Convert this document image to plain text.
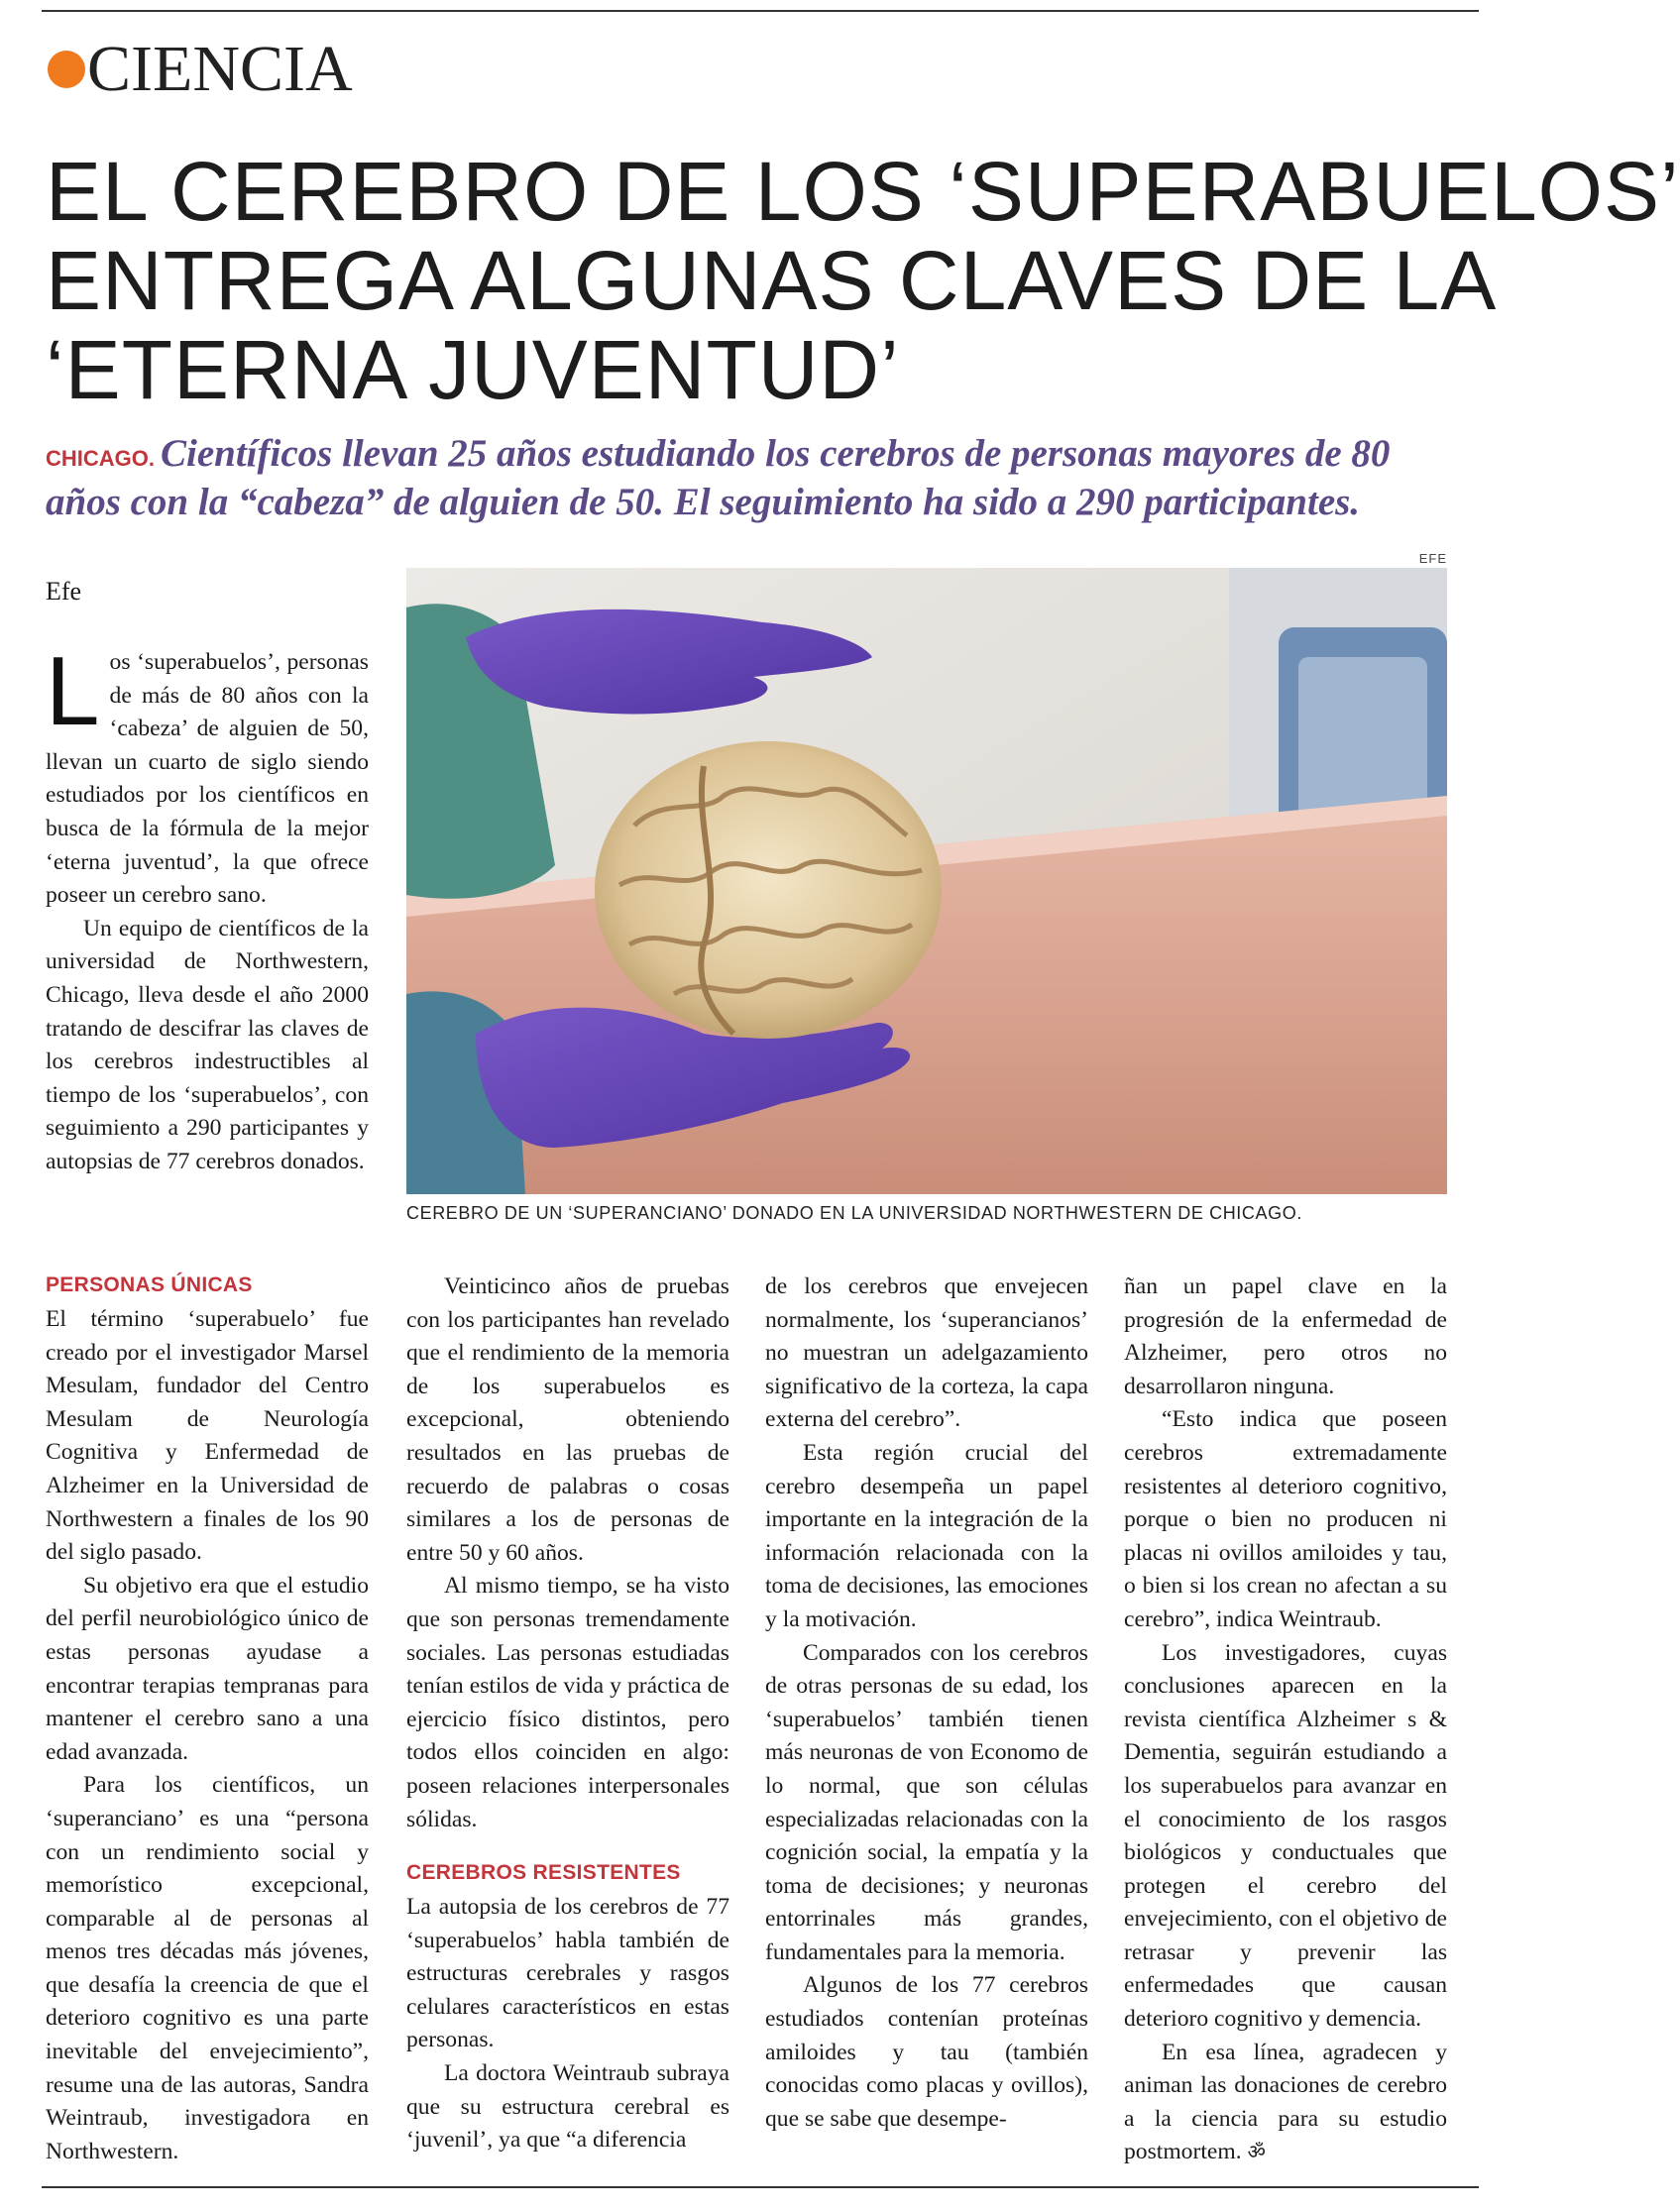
CIENCIA
EL CEREBRO DE LOS ‘SUPERABUELOS’
ENTREGA ALGUNAS CLAVES DE LA
‘ETERNA JUVENTUD’
CHICAGO. Científicos llevan 25 años estudiando los cerebros de personas mayores de 80 años con la “cabeza” de alguien de 50. El seguimiento ha sido a 290 participantes.
EFE
Efe
CEREBRO DE UN ‘SUPERANCIANO’ DONADO EN LA UNIVERSIDAD NORTHWESTERN DE CHICAGO.

Los ‘superabuelos’, personas de más de 80 años con la ‘cabeza’ de alguien de 50, llevan un cuarto de siglo siendo estudiados por los científicos en busca de la fórmula de la mejor ‘eterna juventud’, la que ofrece poseer un cerebro sano.

Un equipo de científicos de la universidad de Northwestern, Chicago, lleva desde el año 2000 tratando de descifrar las claves de los cerebros indestructibles al tiempo de los ‘superabuelos’, con seguimiento a 290 participantes y autopsias de 77 cerebros donados.

PERSONAS ÚNICAS

El término ‘superabuelo’ fue creado por el investigador Marsel Mesulam, fundador del Centro Mesulam de Neurología Cognitiva y Enfermedad de Alzheimer en la Universidad de Northwestern a finales de los 90 del siglo pasado.

Su objetivo era que el estudio del perfil neurobiológico único de estas personas ayudase a encontrar terapias tempranas para mantener el cerebro sano a una edad avanzada.

Para los científicos, un ‘superanciano’ es una “persona con un rendimiento social y memorístico excepcional, comparable al de personas al menos tres décadas más jóvenes, que desafía la creencia de que el deterioro cognitivo es una parte inevitable del envejecimiento”, resume una de las autoras, Sandra Weintraub, investigadora en Northwestern.

Veinticinco años de pruebas con los participantes han revelado que el rendimiento de la memoria de los superabuelos es excepcional, obteniendo resultados en las pruebas de recuerdo de palabras o cosas similares a los de personas de entre 50 y 60 años.

Al mismo tiempo, se ha visto que son personas tremendamente sociales. Las personas estudiadas tenían estilos de vida y práctica de ejercicio físico distintos, pero todos ellos coinciden en algo: poseen relaciones interpersonales sólidas.

CEREBROS RESISTENTES

La autopsia de los cerebros de 77 ‘superabuelos’ habla también de estructuras cerebrales y rasgos celulares característicos en estas personas.

La doctora Weintraub subraya que su estructura cerebral es ‘juvenil’, ya que “a diferencia

de los cerebros que envejecen normalmente, los ‘superancianos’ no muestran un adelgazamiento significativo de la corteza, la capa externa del cerebro”.

Esta región crucial del cerebro desempeña un papel importante en la integración de la información relacionada con la toma de decisiones, las emociones y la motivación.

Comparados con los cerebros de otras personas de su edad, los ‘superabuelos’ también tienen más neuronas de von Economo de lo normal, que son células especializadas relacionadas con la cognición social, la empatía y la toma de decisiones; y neuronas entorrinales más grandes, fundamentales para la memoria.

Algunos de los 77 cerebros estudiados contenían proteínas amiloides y tau (también conocidas como placas y ovillos), que se sabe que desempe-

ñan un papel clave en la progresión de la enfermedad de Alzheimer, pero otros no desarrollaron ninguna.

“Esto indica que poseen cerebros extremadamente resistentes al deterioro cognitivo, porque o bien no producen ni placas ni ovillos amiloides y tau, o bien si los crean no afectan a su cerebro”, indica Weintraub.

Los investigadores, cuyas conclusiones aparecen en la revista científica Alzheimer s & Dementia, seguirán estudiando a los superabuelos para avanzar en el conocimiento de los rasgos biológicos y conductuales que protegen el cerebro del envejecimiento, con el objetivo de retrasar y prevenir las enfermedades que causan deterioro cognitivo y demencia.

En esa línea, agradecen y animan las donaciones de cerebro a la ciencia para su estudio postmortem. ॐ
